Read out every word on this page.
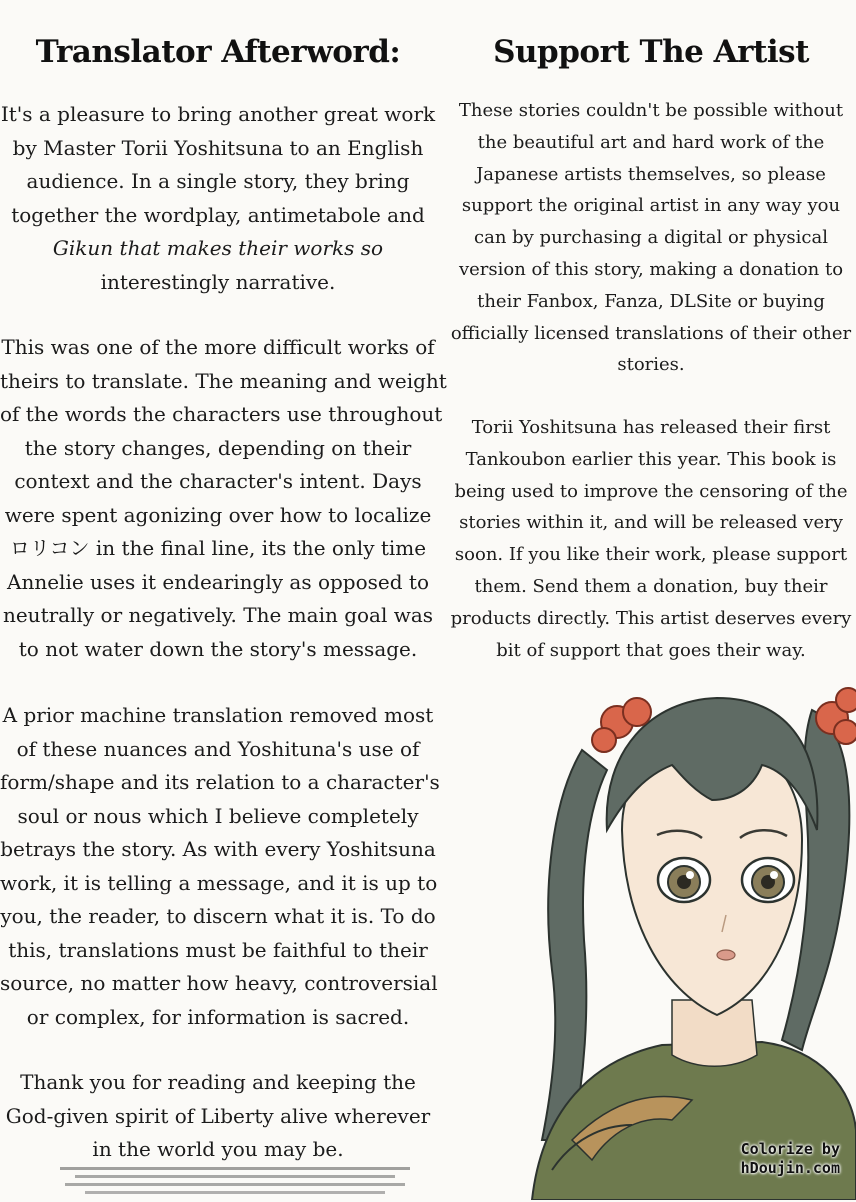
Translator Afterword:
It's a pleasure to bring another great work
by Master Torii Yoshitsuna to an English
audience. In a single story, they bring
together the wordplay, antimetabole and
Gikun that makes their works so
interestingly narrative.
This was one of the more difficult works of
theirs to translate. The meaning and weight
of the words the characters use throughout
the story changes, depending on their
context and the character's intent. Days
were spent agonizing over how to localize
ロリコン in the final line, its the only time
Annelie uses it endearingly as opposed to
neutrally or negatively. The main goal was
to not water down the story's message.
A prior machine translation removed most
of these nuances and Yoshituna's use of
form/shape and its relation to a character's
soul or nous which I believe completely
betrays the story. As with every Yoshitsuna
work, it is telling a message, and it is up to
you, the reader, to discern what it is. To do
this, translations must be faithful to their
source, no matter how heavy, controversial
or complex, for information is sacred.
Thank you for reading and keeping the
God-given spirit of Liberty alive wherever
in the world you may be.
Support The Artist
These stories couldn't be possible without
the beautiful art and hard work of the
Japanese artists themselves, so please
support the original artist in any way you
can by purchasing a digital or physical
version of this story, making a donation to
their Fanbox, Fanza, DLSite or buying
officially licensed translations of their other
stories.
Torii Yoshitsuna has released their first
Tankoubon earlier this year. This book is
being used to improve the censoring of the
stories within it, and will be released very
soon. If you like their work, please support
them. Send them a donation, buy their
products directly. This artist deserves every
bit of support that goes their way.
Colorize by
hDoujin.com
